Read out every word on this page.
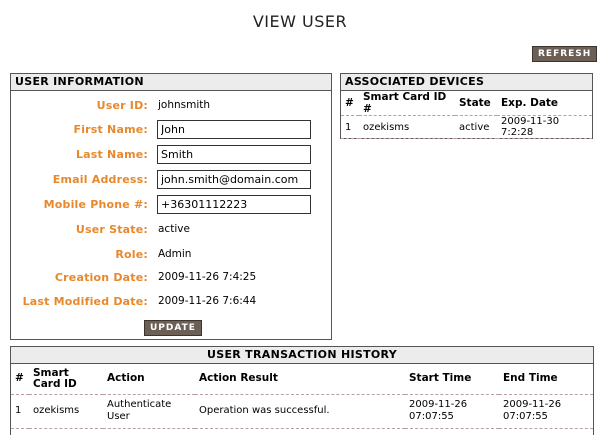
VIEW USER
REFRESH
USER INFORMATION
User ID: johnsmith
First Name:
John
Last Name:
Smith
Email Address:
john.smith@domain.com
Mobile Phone #:
+36301112223
User State: active
Role: Admin
Creation Date: 2009-11-26 7:4:25
Last Modified Date: 2009-11-26 7:6:44
UPDATE
ASSOCIATED DEVICES
#	Smart Card ID #	State	Exp. Date
1	ozekisms	active	2009-11-30 7:2:28
USER TRANSACTION HISTORY
#	Smart Card ID	Action	Action Result	Start Time	End Time
1	ozekisms	Authenticate User	Operation was successful.	2009-11-26 07:07:55	2009-11-26 07:07:55
